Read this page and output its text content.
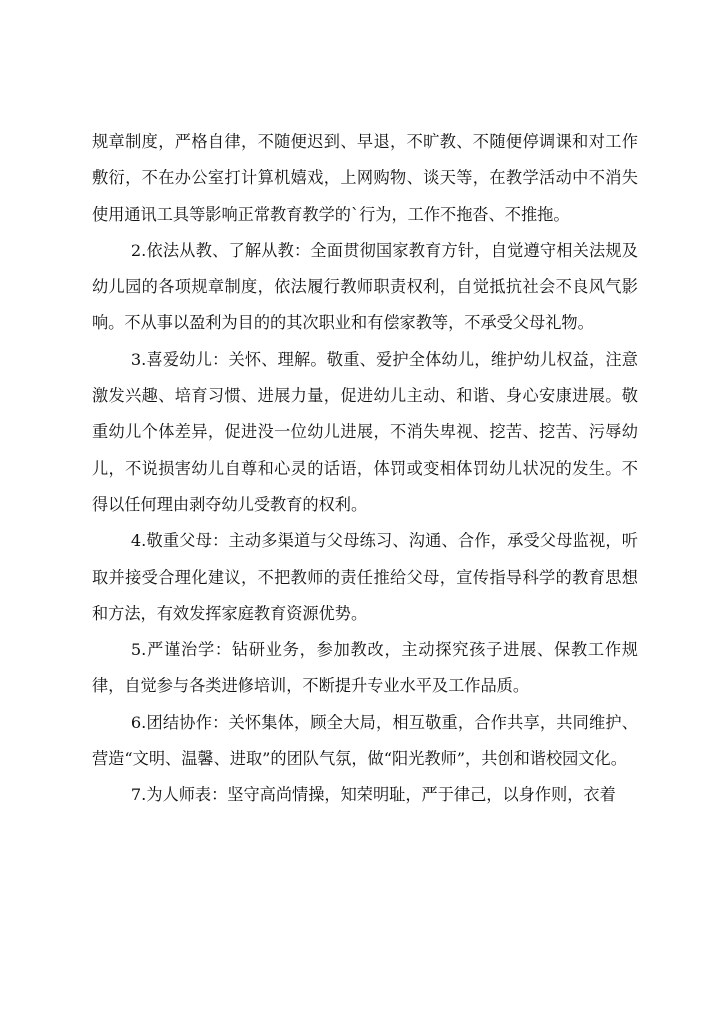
规章制度，严格自律，不随便迟到、早退，不旷教、不随便停调课和对工作敷衍，不在办公室打计算机嬉戏，上网购物、谈天等，在教学活动中不消失使用通讯工具等影响正常教育教学的`行为，工作不拖沓、不推拖。

2.依法从教、了解从教：全面贯彻国家教育方针，自觉遵守相关法规及幼儿园的各项规章制度，依法履行教师职责权利，自觉抵抗社会不良风气影响。不从事以盈利为目的的其次职业和有偿家教等，不承受父母礼物。

3.喜爱幼儿：关怀、理解。敬重、爱护全体幼儿，维护幼儿权益，注意激发兴趣、培育习惯、进展力量，促进幼儿主动、和谐、身心安康进展。敬重幼儿个体差异，促进没一位幼儿进展，不消失卑视、挖苦、挖苦、污辱幼儿，不说损害幼儿自尊和心灵的话语，体罚或变相体罚幼儿状况的发生。不得以任何理由剥夺幼儿受教育的权利。

4.敬重父母：主动多渠道与父母练习、沟通、合作，承受父母监视，听取并接受合理化建议，不把教师的责任推给父母，宣传指导科学的教育思想和方法，有效发挥家庭教育资源优势。

5.严谨治学：钻研业务，参加教改，主动探究孩子进展、保教工作规律，自觉参与各类进修培训，不断提升专业水平及工作品质。

6.团结协作：关怀集体，顾全大局，相互敬重，合作共享，共同维护、营造“文明、温馨、进取”的团队气氛，做“阳光教师”，共创和谐校园文化。

7.为人师表：坚守高尚情操，知荣明耻，严于律己，以身作则，衣着
